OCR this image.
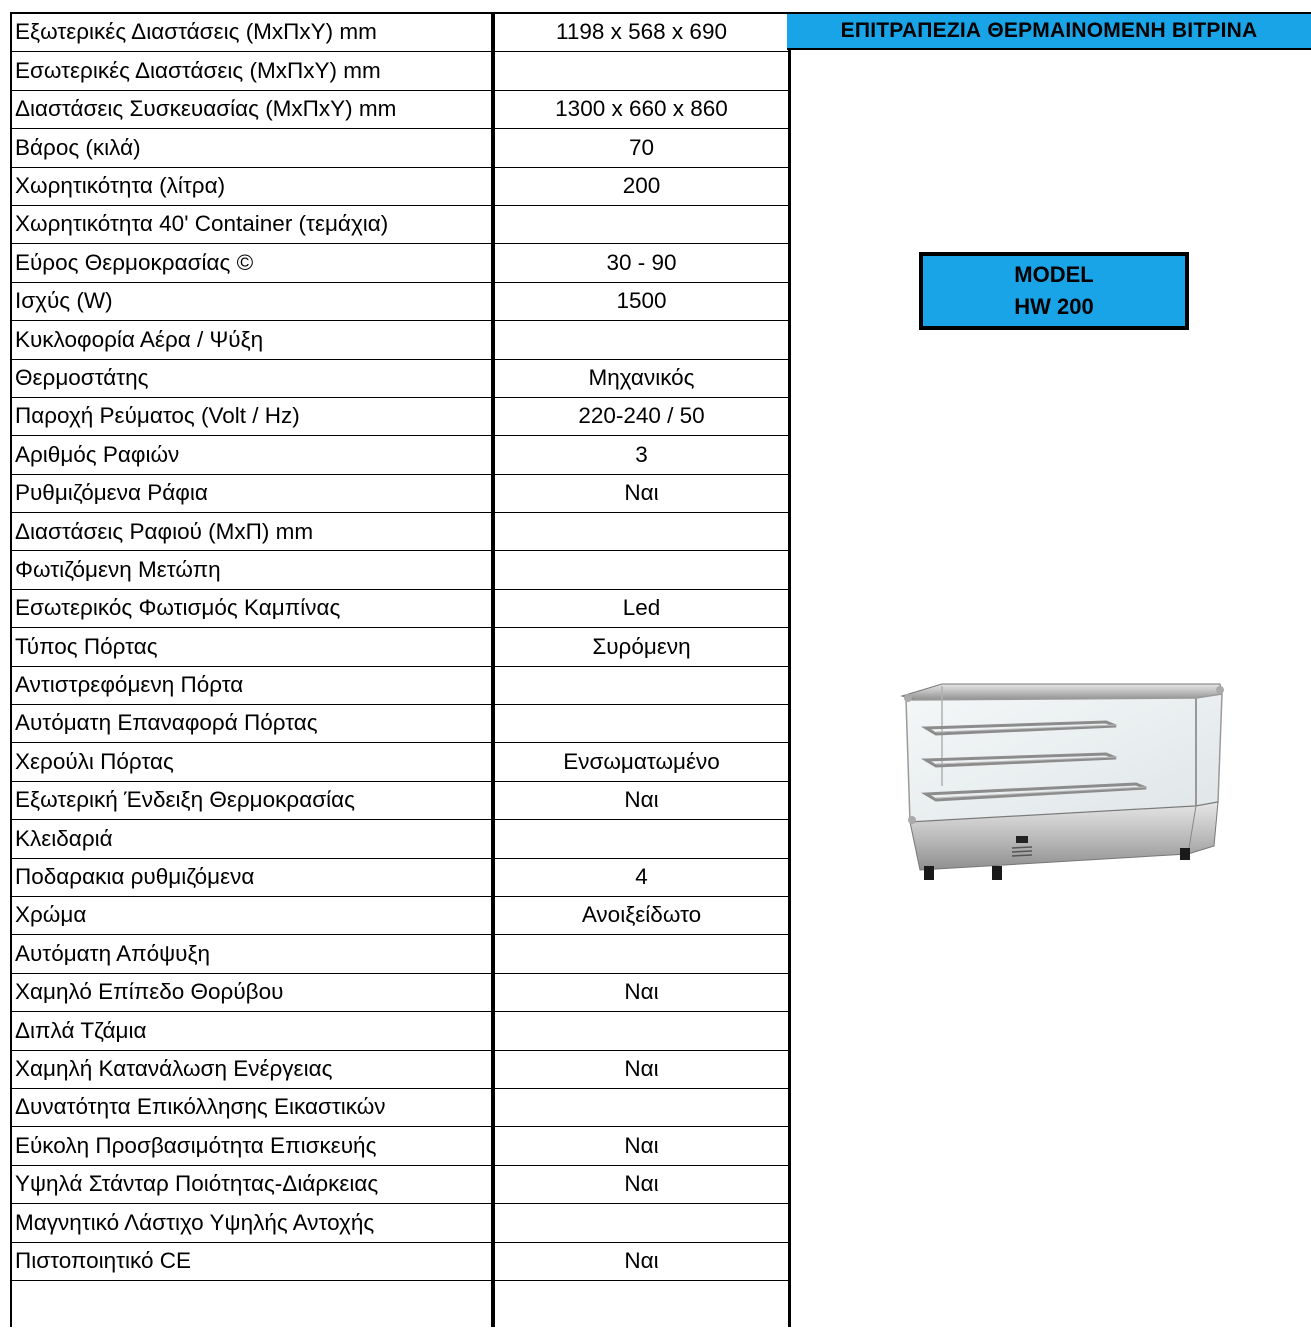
Εξωτερικές Διαστάσεις (ΜxΠxΥ) mm	1198 x 568 x 690
Εσωτερικές Διαστάσεις (ΜxΠxΥ) mm	
Διαστάσεις Συσκευασίας (ΜxΠxΥ) mm	1300 x 660 x 860
Βάρος (κιλά)	70
Χωρητικότητα (λίτρα)	200
Χωρητικότητα 40' Container (τεμάχια)	
Εύρος Θερμοκρασίας ©	30 - 90
Ισχύς (W)	1500
Κυκλοφορία Αέρα / Ψύξη	
Θερμοστάτης	Μηχανικός
Παροχή Ρεύματος (Volt / Hz)	220-240 / 50
Αριθμός Ραφιών	3
Ρυθμιζόμενα Ράφια	Ναι
Διαστάσεις Ραφιού (ΜxΠ) mm	
Φωτιζόμενη Μετώπη	
Εσωτερικός Φωτισμός Καμπίνας	Led
Τύπος Πόρτας	Συρόμενη
Αντιστρεφόμενη Πόρτα	
Αυτόματη Επαναφορά Πόρτας	
Χερούλι Πόρτας	Ενσωματωμένο
Εξωτερική Ένδειξη Θερμοκρασίας	Ναι
Κλειδαριά	
Ποδαρακια ρυθμιζόμενα	4
Χρώμα	Ανοιξείδωτο
Αυτόματη Απόψυξη	
Χαμηλό Επίπεδο Θορύβου	Ναι
Διπλά Τζάμια	
Χαμηλή Κατανάλωση Ενέργειας	Ναι
Δυνατότητα Επικόλλησης Εικαστικών	
Εύκολη Προσβασιμότητα Επισκευής	Ναι
Υψηλά Στάνταρ Ποιότητας-Διάρκειας	Ναι
Μαγνητικό Λάστιχο Υψηλής Αντοχής	
Πιστοποιητικό CE	Ναι

ΕΠΙΤΡΑΠΕΖΙΑ ΘΕΡΜΑΙΝΟΜΕΝΗ ΒΙΤΡΙΝΑ
MODEL
HW 200
